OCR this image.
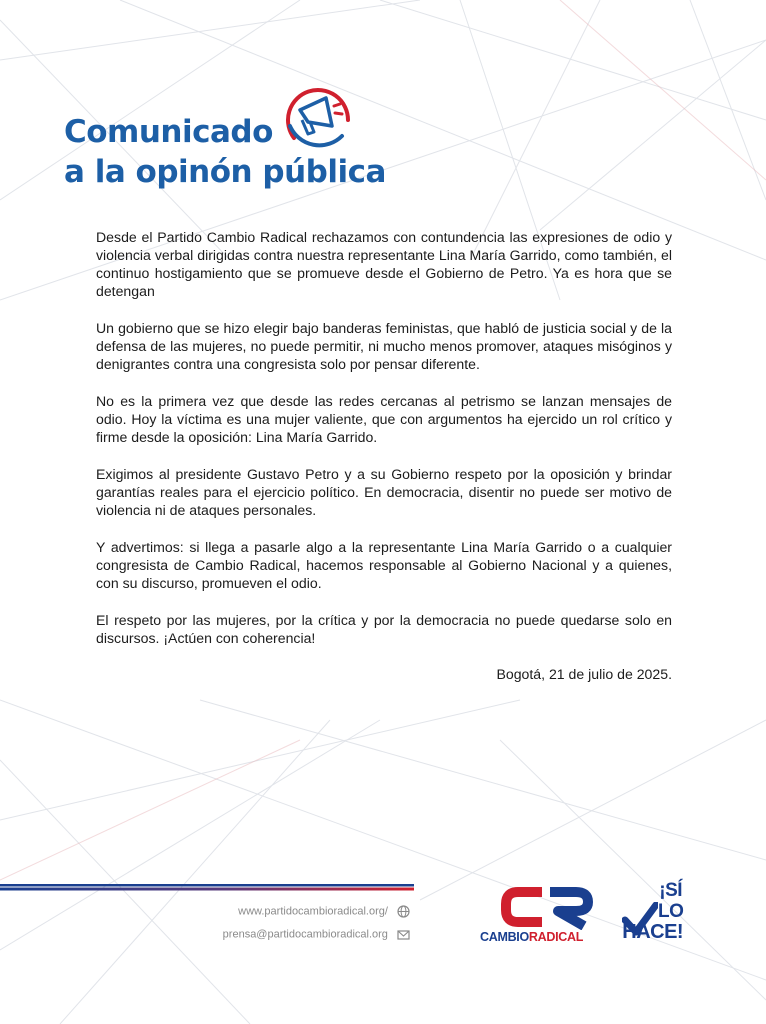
Comunicado
a la opinón pública

Desde el Partido Cambio Radical rechazamos con contundencia las expresiones de odio y violencia verbal dirigidas contra nuestra representante Lina María Garrido, como también, el continuo hostigamiento que se promueve desde el Gobierno de Petro. Ya es hora que se detengan

Un gobierno que se hizo elegir bajo banderas feministas, que habló de justicia social y de la defensa de las mujeres, no puede permitir, ni mucho menos promover, ataques misóginos y denigrantes contra una congresista solo por pensar diferente.

No es la primera vez que desde las redes cercanas al petrismo se lanzan mensajes de odio. Hoy la víctima es una mujer valiente, que con argumentos ha ejercido un rol crítico y firme desde la oposición: Lina María Garrido.

Exigimos al presidente Gustavo Petro y a su Gobierno respeto por la oposición y brindar garantías reales para el ejercicio político. En democracia, disentir no puede ser motivo de violencia ni de ataques personales.

Y advertimos: si llega a pasarle algo a la representante Lina María Garrido o a cualquier congresista de Cambio Radical, hacemos responsable al Gobierno Nacional y a quienes, con su discurso, promueven el odio.

El respeto por las mujeres, por la crítica y por la democracia no puede quedarse solo en discursos. ¡Actúen con coherencia!

Bogotá, 21 de julio de 2025.
www.partidocambioradical.org/
prensa@partidocambioradical.org	CAMBIORADICAL
¡SÍ
LO
HACE!
